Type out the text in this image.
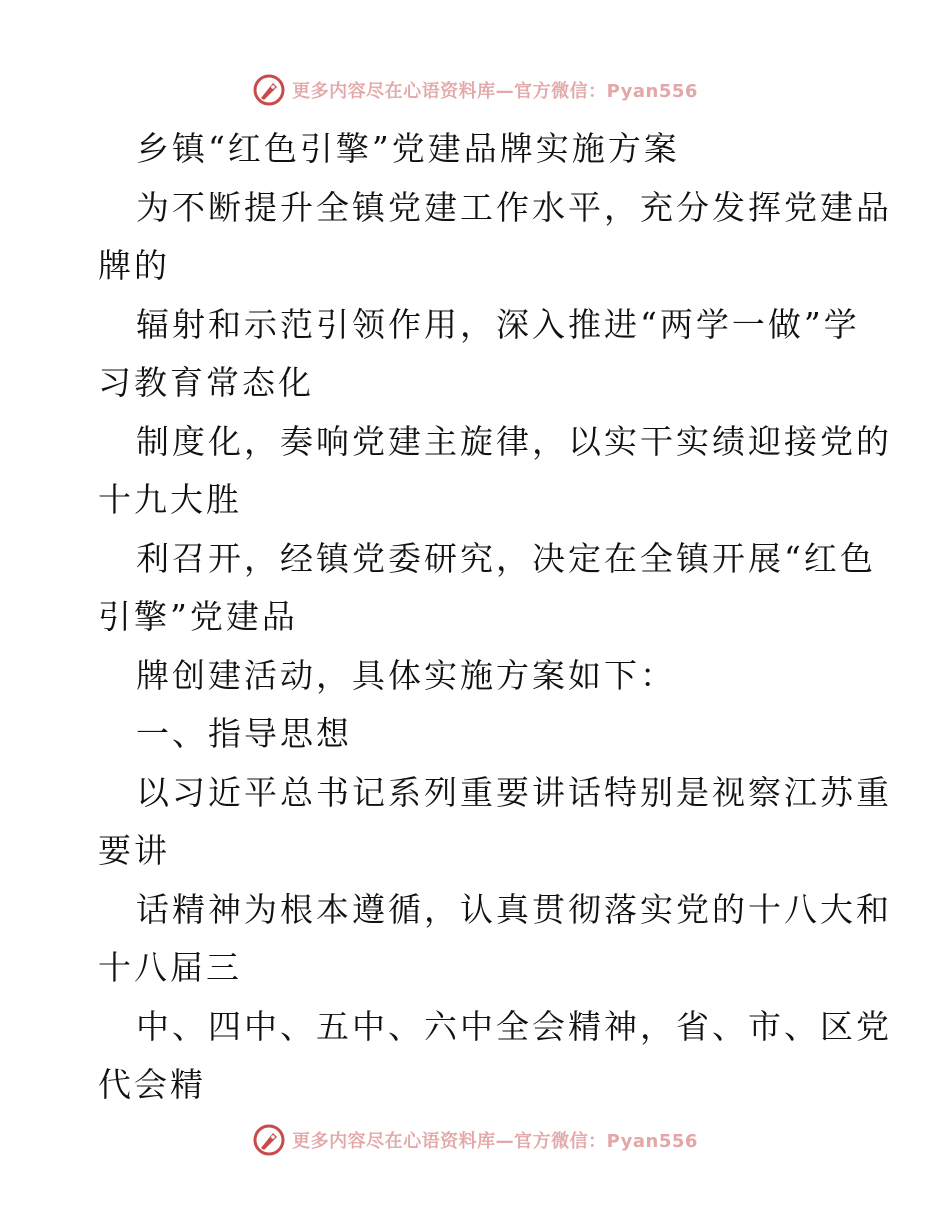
更多内容尽在心语资料库—官方微信：Pyan556

乡镇“红色引擎”党建品牌实施方案

为不断提升全镇党建工作水平，充分发挥党建品

牌的

辐射和示范引领作用，深入推进“两学一做”学

习教育常态化

制度化，奏响党建主旋律，以实干实绩迎接党的

十九大胜

利召开，经镇党委研究，决定在全镇开展“红色

引擎”党建品

牌创建活动，具体实施方案如下：

一、指导思想

以习近平总书记系列重要讲话特别是视察江苏重

要讲

话精神为根本遵循，认真贯彻落实党的十八大和

十八届三

中、四中、五中、六中全会精神，省、市、区党

代会精

更多内容尽在心语资料库—官方微信：Pyan556
